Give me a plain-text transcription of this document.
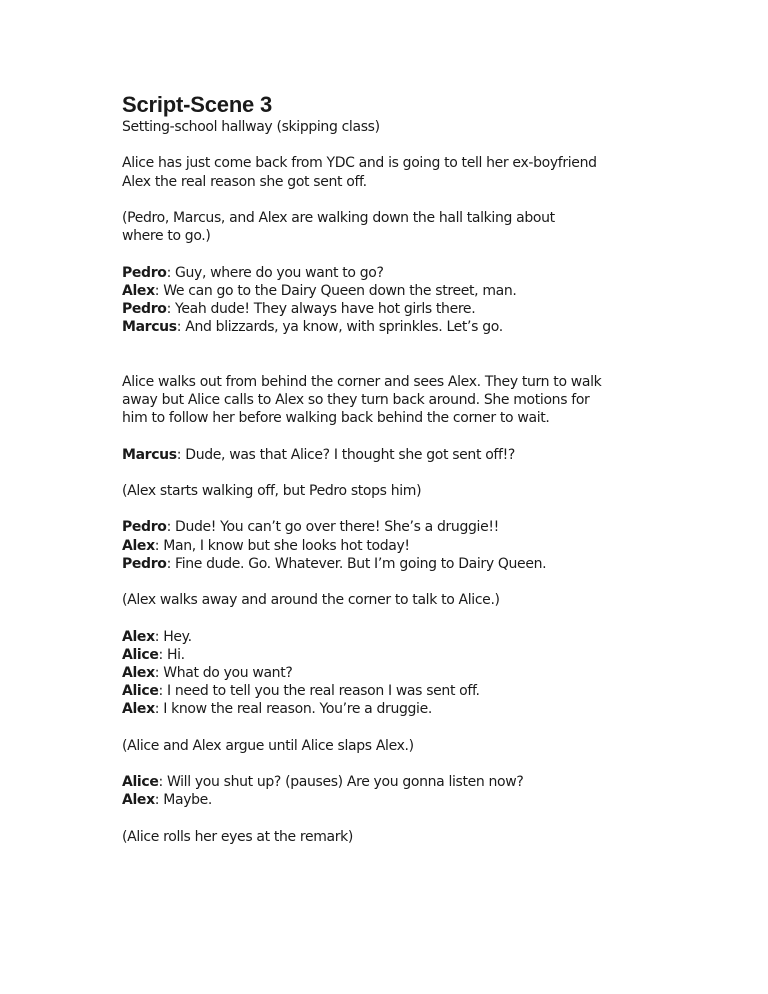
Script-Scene 3

Setting-school hallway (skipping class)

Alice has just come back from YDC and is going to tell her ex-boyfriend

Alex the real reason she got sent off.

(Pedro, Marcus, and Alex are walking down the hall talking about

where to go.)

Pedro: Guy, where do you want to go?

Alex: We can go to the Dairy Queen down the street, man.

Pedro: Yeah dude! They always have hot girls there.

Marcus: And blizzards, ya know, with sprinkles. Let’s go.

Alice walks out from behind the corner and sees Alex. They turn to walk

away but Alice calls to Alex so they turn back around. She motions for

him to follow her before walking back behind the corner to wait.

Marcus: Dude, was that Alice? I thought she got sent off!?

(Alex starts walking off, but Pedro stops him)

Pedro: Dude! You can’t go over there! She’s a druggie!!

Alex: Man, I know but she looks hot today!

Pedro: Fine dude. Go. Whatever. But I’m going to Dairy Queen.

(Alex walks away and around the corner to talk to Alice.)

Alex: Hey.

Alice: Hi.

Alex: What do you want?

Alice: I need to tell you the real reason I was sent off.

Alex: I know the real reason. You’re a druggie.

(Alice and Alex argue until Alice slaps Alex.)

Alice: Will you shut up? (pauses) Are you gonna listen now?

Alex: Maybe.

(Alice rolls her eyes at the remark)
